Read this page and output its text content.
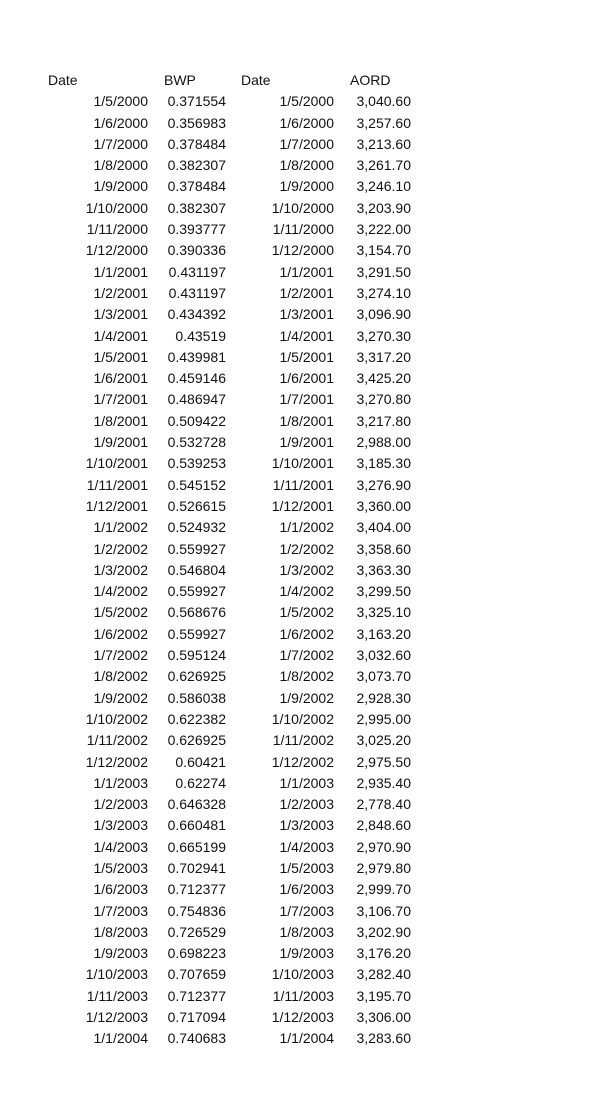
Date	BWP	Date	AORD
1/5/2000	0.371554	1/5/2000	3,040.60
1/6/2000	0.356983	1/6/2000	3,257.60
1/7/2000	0.378484	1/7/2000	3,213.60
1/8/2000	0.382307	1/8/2000	3,261.70
1/9/2000	0.378484	1/9/2000	3,246.10
1/10/2000	0.382307	1/10/2000	3,203.90
1/11/2000	0.393777	1/11/2000	3,222.00
1/12/2000	0.390336	1/12/2000	3,154.70
1/1/2001	0.431197	1/1/2001	3,291.50
1/2/2001	0.431197	1/2/2001	3,274.10
1/3/2001	0.434392	1/3/2001	3,096.90
1/4/2001	0.43519	1/4/2001	3,270.30
1/5/2001	0.439981	1/5/2001	3,317.20
1/6/2001	0.459146	1/6/2001	3,425.20
1/7/2001	0.486947	1/7/2001	3,270.80
1/8/2001	0.509422	1/8/2001	3,217.80
1/9/2001	0.532728	1/9/2001	2,988.00
1/10/2001	0.539253	1/10/2001	3,185.30
1/11/2001	0.545152	1/11/2001	3,276.90
1/12/2001	0.526615	1/12/2001	3,360.00
1/1/2002	0.524932	1/1/2002	3,404.00
1/2/2002	0.559927	1/2/2002	3,358.60
1/3/2002	0.546804	1/3/2002	3,363.30
1/4/2002	0.559927	1/4/2002	3,299.50
1/5/2002	0.568676	1/5/2002	3,325.10
1/6/2002	0.559927	1/6/2002	3,163.20
1/7/2002	0.595124	1/7/2002	3,032.60
1/8/2002	0.626925	1/8/2002	3,073.70
1/9/2002	0.586038	1/9/2002	2,928.30
1/10/2002	0.622382	1/10/2002	2,995.00
1/11/2002	0.626925	1/11/2002	3,025.20
1/12/2002	0.60421	1/12/2002	2,975.50
1/1/2003	0.62274	1/1/2003	2,935.40
1/2/2003	0.646328	1/2/2003	2,778.40
1/3/2003	0.660481	1/3/2003	2,848.60
1/4/2003	0.665199	1/4/2003	2,970.90
1/5/2003	0.702941	1/5/2003	2,979.80
1/6/2003	0.712377	1/6/2003	2,999.70
1/7/2003	0.754836	1/7/2003	3,106.70
1/8/2003	0.726529	1/8/2003	3,202.90
1/9/2003	0.698223	1/9/2003	3,176.20
1/10/2003	0.707659	1/10/2003	3,282.40
1/11/2003	0.712377	1/11/2003	3,195.70
1/12/2003	0.717094	1/12/2003	3,306.00
1/1/2004	0.740683	1/1/2004	3,283.60
